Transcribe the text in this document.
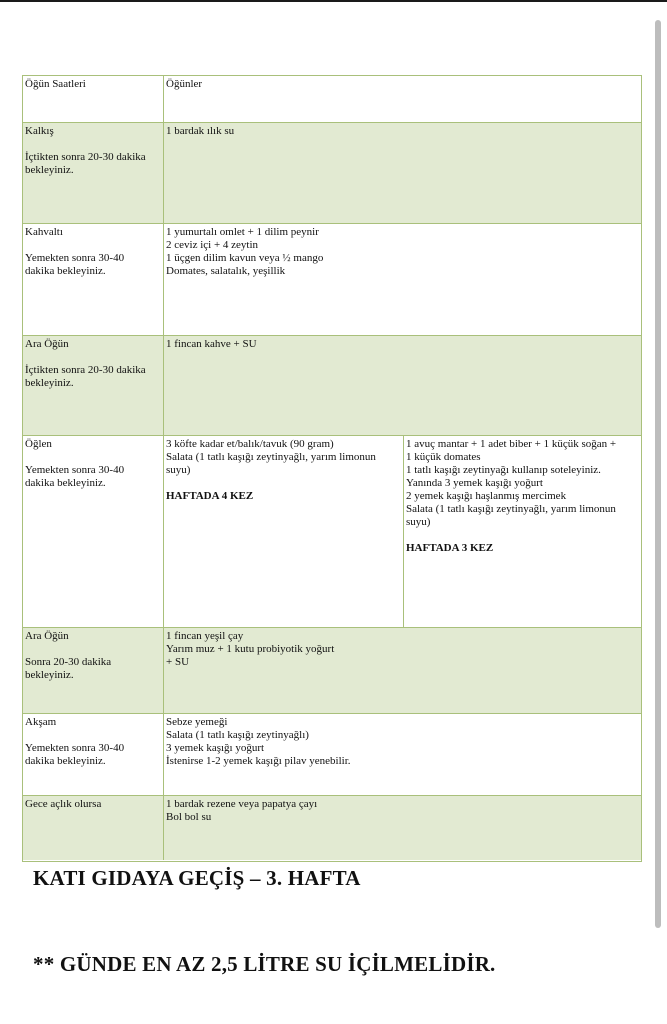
Öğün Saatleri	Öğünler
Kalkış
İçtikten sonra 20-30 dakika
bekleyiniz.
1 bardak ılık su
Kahvaltı
Yemekten sonra 30-40
dakika bekleyiniz.
1 yumurtalı omlet + 1 dilim peynir
2 ceviz içi + 4 zeytin
1 üçgen dilim kavun veya ½ mango
Domates, salatalık, yeşillik
Ara Öğün
İçtikten sonra 20-30 dakika
bekleyiniz.
1 fincan kahve + SU
Öğlen
Yemekten sonra 30-40
dakika bekleyiniz.
3 köfte kadar et/balık/tavuk (90 gram)
Salata (1 tatlı kaşığı zeytinyağlı, yarım limonun
suyu)
HAFTADA 4 KEZ
1 avuç mantar + 1 adet biber + 1 küçük soğan +
1 küçük domates
1 tatlı kaşığı zeytinyağı kullanıp soteleyiniz.
Yanında 3 yemek kaşığı yoğurt
2 yemek kaşığı haşlanmış mercimek
Salata (1 tatlı kaşığı zeytinyağlı, yarım limonun
suyu)
HAFTADA 3 KEZ
Ara Öğün
Sonra 20-30 dakika
bekleyiniz.
1 fincan yeşil çay
Yarım muz + 1 kutu probiyotik yoğurt
+ SU
Akşam
Yemekten sonra 30-40
dakika bekleyiniz.
Sebze yemeği
Salata (1 tatlı kaşığı zeytinyağlı)
3 yemek kaşığı yoğurt
İstenirse 1-2 yemek kaşığı pilav yenebilir.
Gece açlık olursa	1 bardak rezene veya papatya çayı
Bol bol su
KATI GIDAYA GEÇİŞ – 3. HAFTA
** GÜNDE EN AZ 2,5 LİTRE SU İÇİLMELİDİR.
